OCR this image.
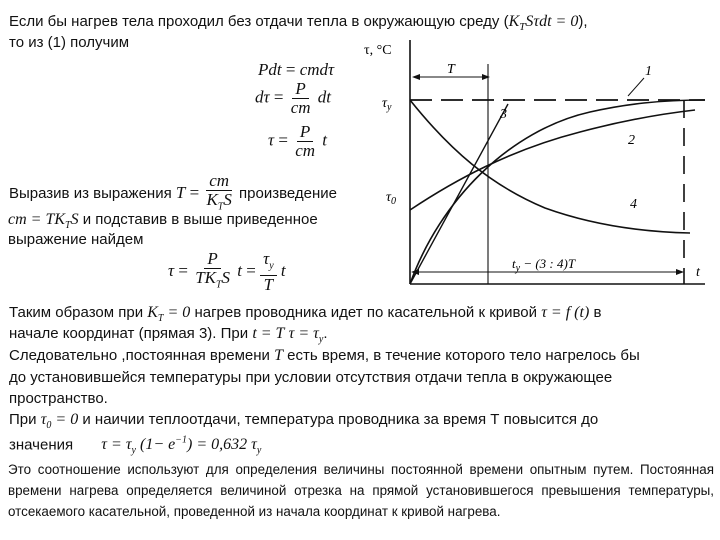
Если бы нагрев тела проходил без отдачи тепла в окружающую среду $(K_TS\tau dt = 0)$,
то из (1) получим
Pdt = cmdτ
$d\tau = \frac{P}{cm}$ dt
$\tau = \frac{P}{cm}$ t
Выразив из выражения $T = \frac{cm}{K_TS}$ произведение
cm = $TK_TS$ и подставив в выше приведенное
выражение найдем
$\tau = \frac{P}{TK_TS}$ $t = \frac{\tau_y}{T}$ t
τ, °C
$\tau_y$
$\tau_0$
T	1
2
3
4
$t_y - (3$ : 4)T
t
Таким образом при $K_T = 0$ нагрев проводника идет по касательной к кривой τ = f (t) в
начале координат (прямая 3). При t = T $\tau = \tau_y$.
Следовательно ,постоянная времени T есть время, в течение которого тело нагрелось бы
до установившейся температуры при условии отсутствия отдачи тепла в окружающее
пространство.
При $\tau_0 = 0$ и наичии теплоотдачи, температура проводника за время Т повысится до
значения $\tau = \tau_y$ $(1- e^{-1}) = 0,632$ $\tau_y$

Это соотношение используют для определения величины постоянной времени опытным путем. Постоянная времени нагрева определяется величиной отрезка на прямой установившегося превышения температуры, отсекаемого касательной, проведенной из начала координат к кривой нагрева.
